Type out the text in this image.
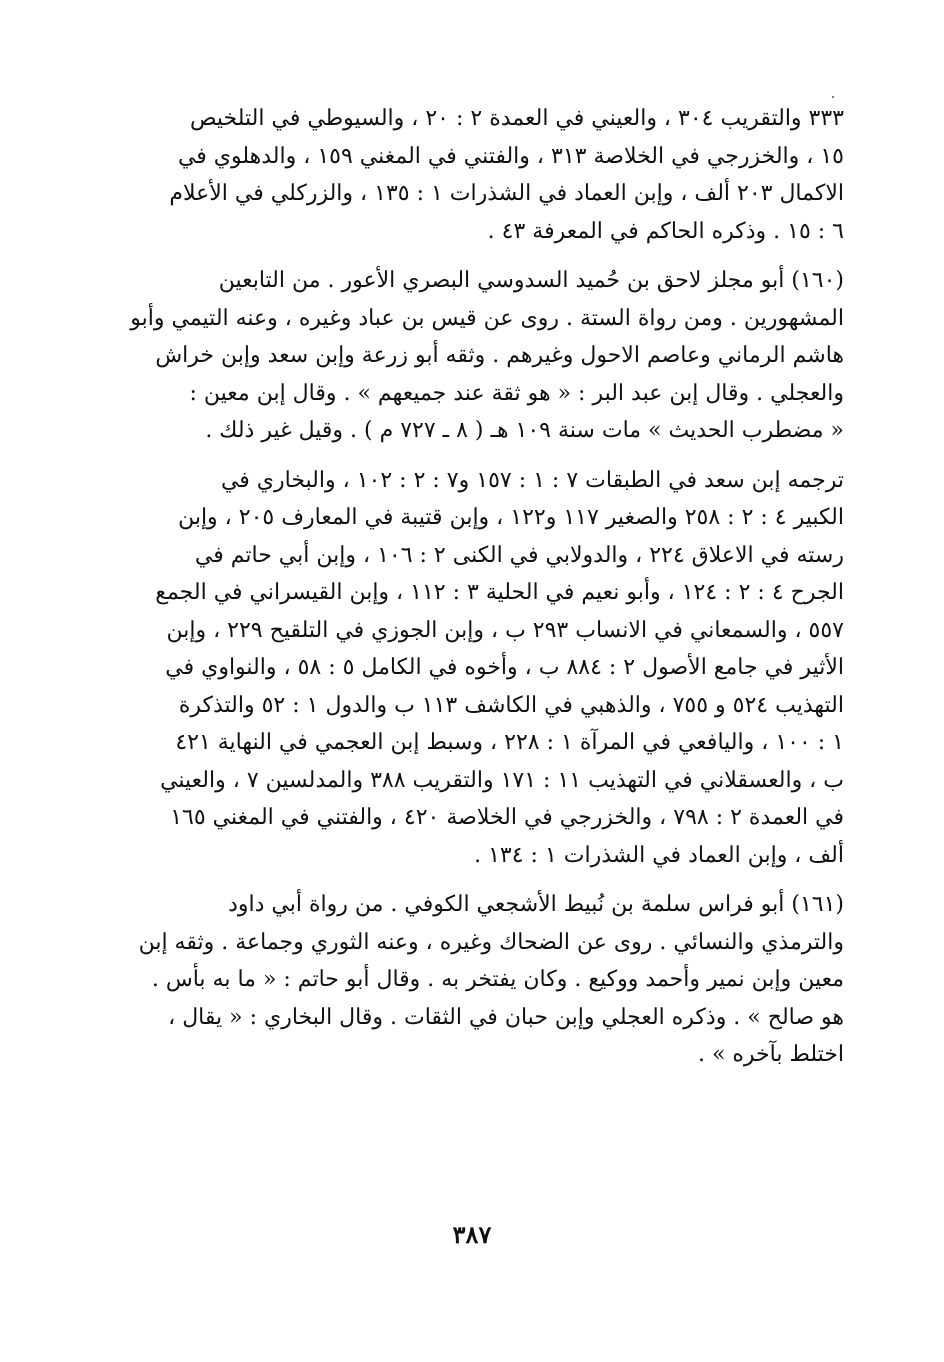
٣٣٣ والتقريب ٣٠٤ ، والعيني في العمدة ٢ : ٢٠ ، والسيوطي في التلخيص

١٥ ، والخزرجي في الخلاصة ٣١٣ ، والفتني في المغني ١٥٩ ، والدهلوي في

الاكمال ٢٠٣ ألف ، وإبن العماد في الشذرات ١ : ١٣٥ ، والزركلي في الأعلام

٦ : ١٥ . وذكره الحاكم في المعرفة ٤٣ .

(١٦٠) أبو مجلز لاحق بن حُميد السدوسي البصري الأعور . من التابعين

المشهورين . ومن رواة الستة . روى عن قيس بن عباد وغيره ، وعنه التيمي وأبو

هاشم الرماني وعاصم الاحول وغيرهم . وثقه أبو زرعة وإبن سعد وإبن خراش

والعجلي . وقال إبن عبد البر : « هو ثقة عند جميعهم » . وقال إبن معين :

« مضطرب الحديث » مات سنة ١٠٩ هـ ( ٨ ـ ٧٢٧ م ) . وقيل غير ذلك .

ترجمه إبن سعد في الطبقات ٧ : ١ : ١٥٧ و٧ : ٢ : ١٠٢ ، والبخاري في

الكبير ٤ : ٢ : ٢٥٨ والصغير ١١٧ و١٢٢ ، وإبن قتيبة في المعارف ٢٠٥ ، وإبن

رسته في الاعلاق ٢٢٤ ، والدولابي في الكنى ٢ : ١٠٦ ، وإبن أبي حاتم في

الجرح ٤ : ٢ : ١٢٤ ، وأبو نعيم في الحلية ٣ : ١١٢ ، وإبن القيسراني في الجمع

٥٥٧ ، والسمعاني في الانساب ٢٩٣ ب ، وإبن الجوزي في التلقيح ٢٢٩ ، وإبن

الأثير في جامع الأصول ٢ : ٨٨٤ ب ، وأخوه في الكامل ٥ : ٥٨ ، والنواوي في

التهذيب ٥٢٤ و ٧٥٥ ، والذهبي في الكاشف ١١٣ ب والدول ١ : ٥٢ والتذكرة

١ : ١٠٠ ، واليافعي في المرآة ١ : ٢٢٨ ، وسبط إبن العجمي في النهاية ٤٢١

ب ، والعسقلاني في التهذيب ١١ : ١٧١ والتقريب ٣٨٨ والمدلسين ٧ ، والعيني

في العمدة ٢ : ٧٩٨ ، والخزرجي في الخلاصة ٤٢٠ ، والفتني في المغني ١٦٥

ألف ، وإبن العماد في الشذرات ١ : ١٣٤ .

(١٦١) أبو فراس سلمة بن نُبيط الأشجعي الكوفي . من رواة أبي داود

والترمذي والنسائي . روى عن الضحاك وغيره ، وعنه الثوري وجماعة . وثقه إبن

معين وإبن نمير وأحمد ووكيع . وكان يفتخر به . وقال أبو حاتم : « ما به بأس .

هو صالح » . وذكره العجلي وإبن حبان في الثقات . وقال البخاري : « يقال ،

اختلط بآخره » .

٣٨٧
